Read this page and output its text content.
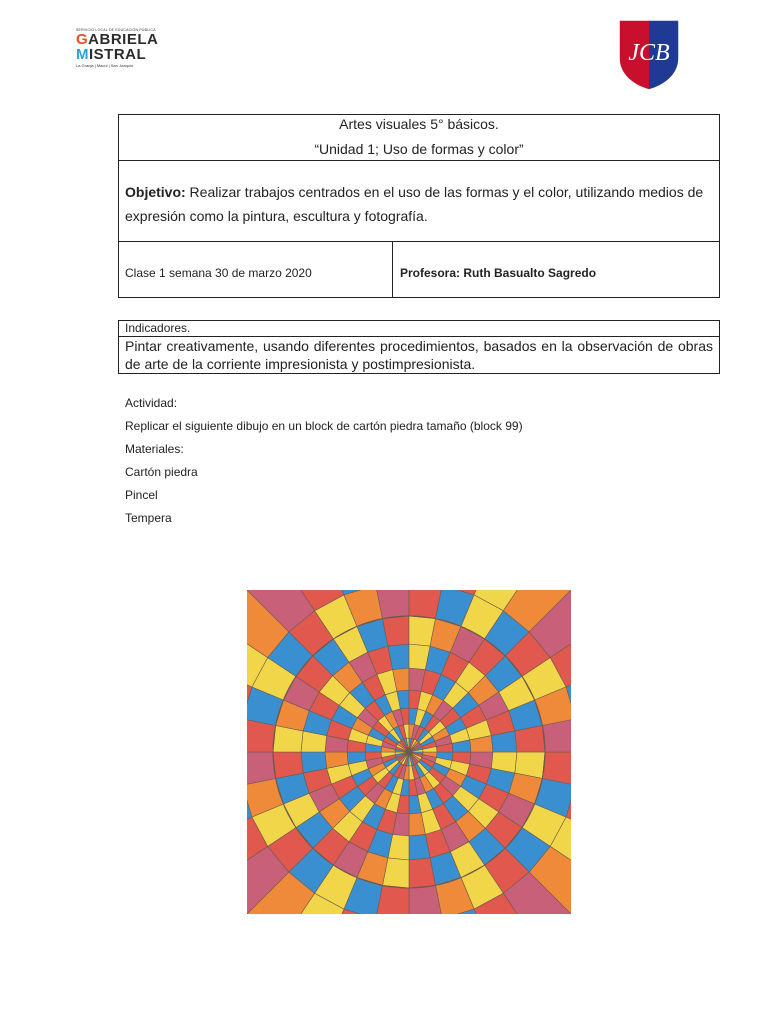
SERVICIO LOCAL DE EDUCACIÓN PÚBLICA
GABRIELA
MISTRAL
La Granja | Macul | San Joaquín	JCB
Artes visuales 5° básicos.
“Unidad 1; Uso de formas y color”
Objetivo: Realizar trabajos centrados en el uso de las formas y el color, utilizando medios de expresión como la pintura, escultura y fotografía.
Clase 1 semana 30 de marzo 2020	Profesora: Ruth Basualto Sagredo
Indicadores.
Pintar creativamente, usando diferentes procedimientos, basados en la observación de obras de arte de la corriente impresionista y postimpresionista.
Actividad:
Replicar el siguiente dibujo en un block de cartón piedra tamaño (block 99)
Materiales:
Cartón piedra
Pincel
Tempera
